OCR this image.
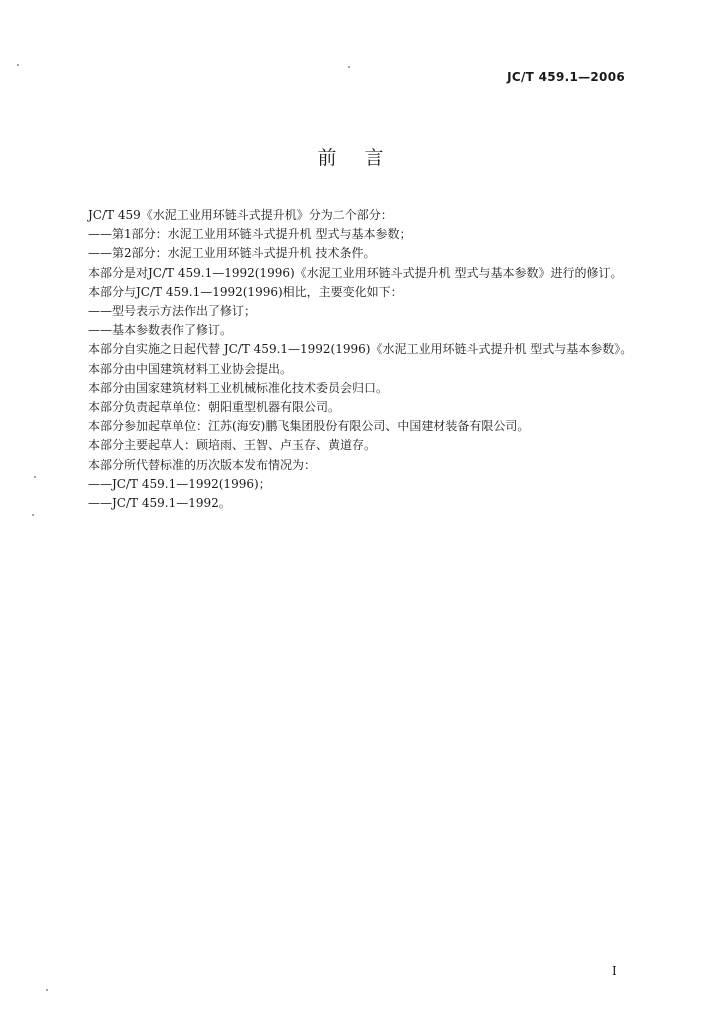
JC/T 459.1—2006
前言
JC/T 459《水泥工业用环链斗式提升机》分为二个部分：
——第1部分：水泥工业用环链斗式提升机 型式与基本参数；
——第2部分：水泥工业用环链斗式提升机 技术条件。
本部分是对JC/T 459.1—1992(1996)《水泥工业用环链斗式提升机 型式与基本参数》进行的修订。
本部分与JC/T 459.1—1992(1996)相比，主要变化如下：
——型号表示方法作出了修订；
——基本参数表作了修订。
本部分自实施之日起代替 JC/T 459.1—1992(1996)《水泥工业用环链斗式提升机 型式与基本参数》。
本部分由中国建筑材料工业协会提出。
本部分由国家建筑材料工业机械标准化技术委员会归口。
本部分负责起草单位：朝阳重型机器有限公司。
本部分参加起草单位：江苏(海安)鹏飞集团股份有限公司、中国建材装备有限公司。
本部分主要起草人：顾培雨、王智、卢玉存、黄道存。
本部分所代替标准的历次版本发布情况为：
——JC/T 459.1—1992(1996)；
——JC/T 459.1—1992。
I
